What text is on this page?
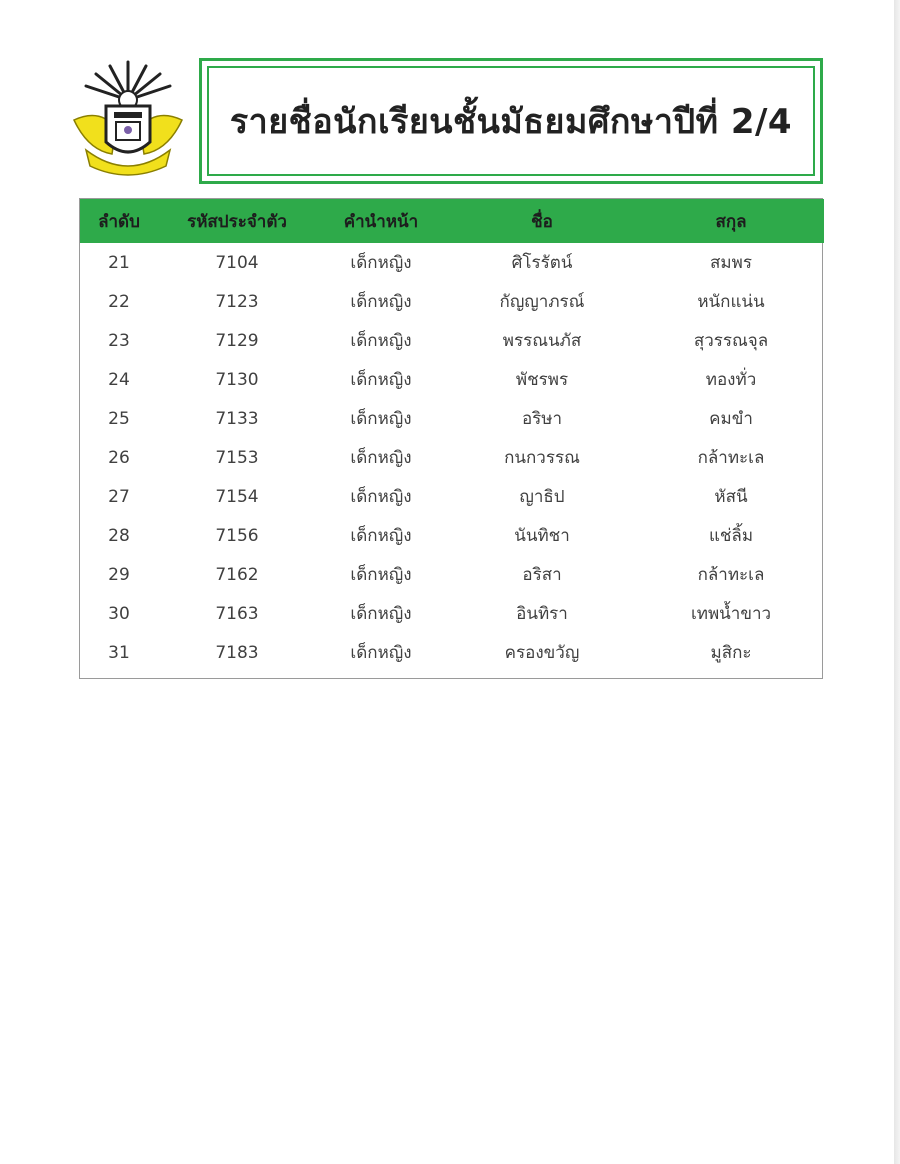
รายชื่อนักเรียนชั้นมัธยมศึกษาปีที่ 2/4
ลำดับ	รหัสประจำตัว	คำนำหน้า	ชื่อ	สกุล
21	7104	เด็กหญิง	ศิโรรัตน์	สมพร
22	7123	เด็กหญิง	กัญญาภรณ์	หนักแน่น
23	7129	เด็กหญิง	พรรณนภัส	สุวรรณจุล
24	7130	เด็กหญิง	พัชรพร	ทองทั่ว
25	7133	เด็กหญิง	อริษา	คมขำ
26	7153	เด็กหญิง	กนกวรรณ	กล้าทะเล
27	7154	เด็กหญิง	ญาธิป	หัสนี
28	7156	เด็กหญิง	นันทิชา	แช่ลิ้ม
29	7162	เด็กหญิง	อริสา	กล้าทะเล
30	7163	เด็กหญิง	อินทิรา	เทพน้ำขาว
31	7183	เด็กหญิง	ครองขวัญ	มูสิกะ
